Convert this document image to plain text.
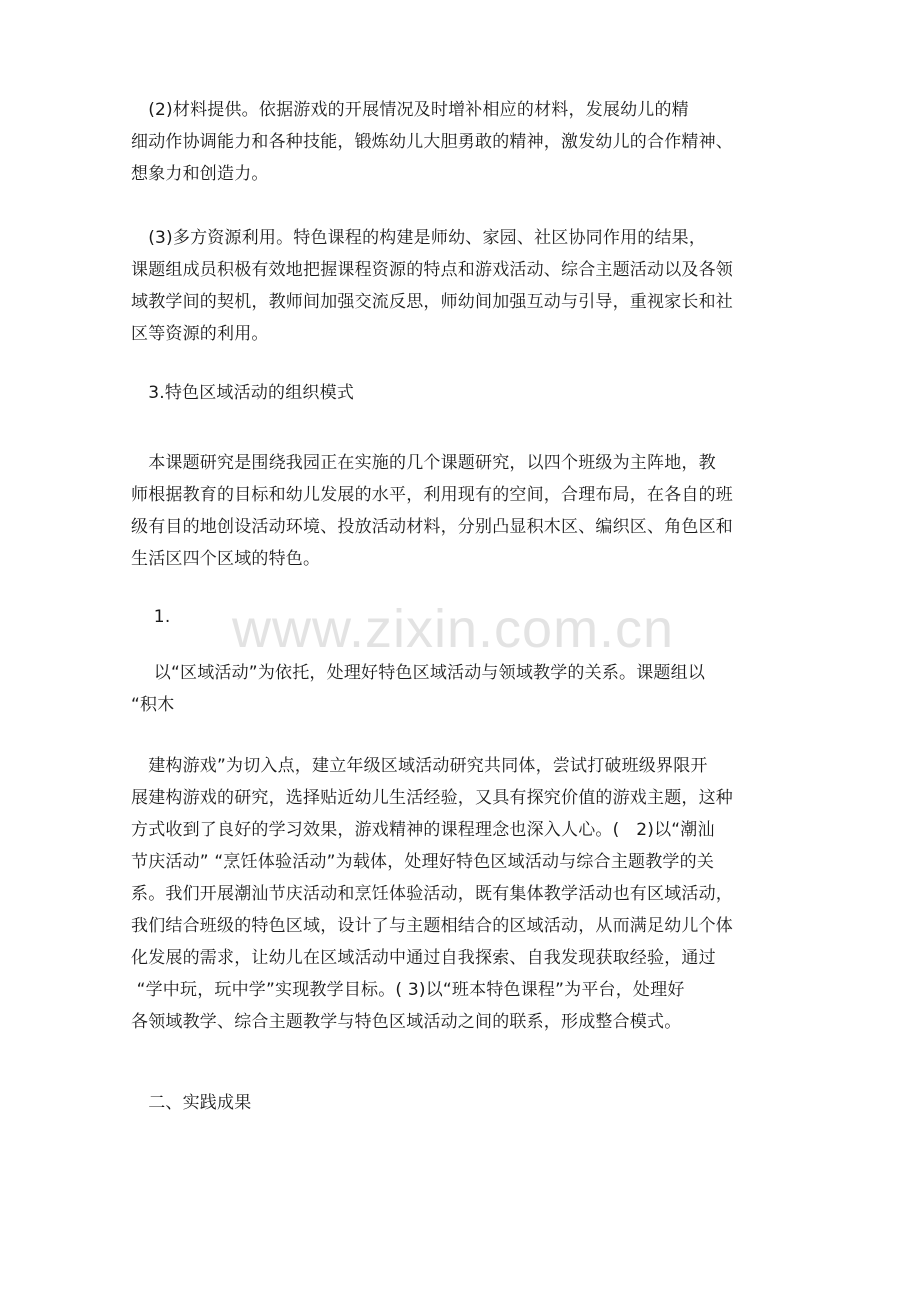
www.zixin.com.cn
　(2)材料提供。依据游戏的开展情况及时增补相应的材料，发展幼儿的精
细动作协调能力和各种技能，锻炼幼儿大胆勇敢的精神，激发幼儿的合作精神、
想象力和创造力。
　(3)多方资源利用。特色课程的构建是师幼、家园、社区协同作用的结果，
课题组成员积极有效地把握课程资源的特点和游戏活动、综合主题活动以及各领
域教学间的契机，教师间加强交流反思，师幼间加强互动与引导，重视家长和社
区等资源的利用。
　3.特色区域活动的组织模式
　本课题研究是围绕我园正在实施的几个课题研究，以四个班级为主阵地，教
师根据教育的目标和幼儿发展的水平，利用现有的空间，合理布局，在各自的班
级有目的地创设活动环境、投放活动材料，分别凸显积木区、编织区、角色区和
生活区四个区域的特色。
　 1.
　 以“区域活动”为依托，处理好特色区域活动与领域教学的关系。课题组以
“积木
　建构游戏”为切入点，建立年级区域活动研究共同体，尝试打破班级界限开
展建构游戏的研究，选择贴近幼儿生活经验，又具有探究价值的游戏主题，这种
方式收到了良好的学习效果，游戏精神的课程理念也深入人心。(   2)以“潮汕
节庆活动” “烹饪体验活动”为载体，处理好特色区域活动与综合主题教学的关
系。我们开展潮汕节庆活动和烹饪体验活动，既有集体教学活动也有区域活动，
我们结合班级的特色区域，设计了与主题相结合的区域活动，从而满足幼儿个体
化发展的需求，让幼儿在区域活动中通过自我探索、自我发现获取经验，通过
“学中玩，玩中学”实现教学目标。( 3)以“班本特色课程”为平台，处理好
各领域教学、综合主题教学与特色区域活动之间的联系，形成整合模式。
　二、实践成果
